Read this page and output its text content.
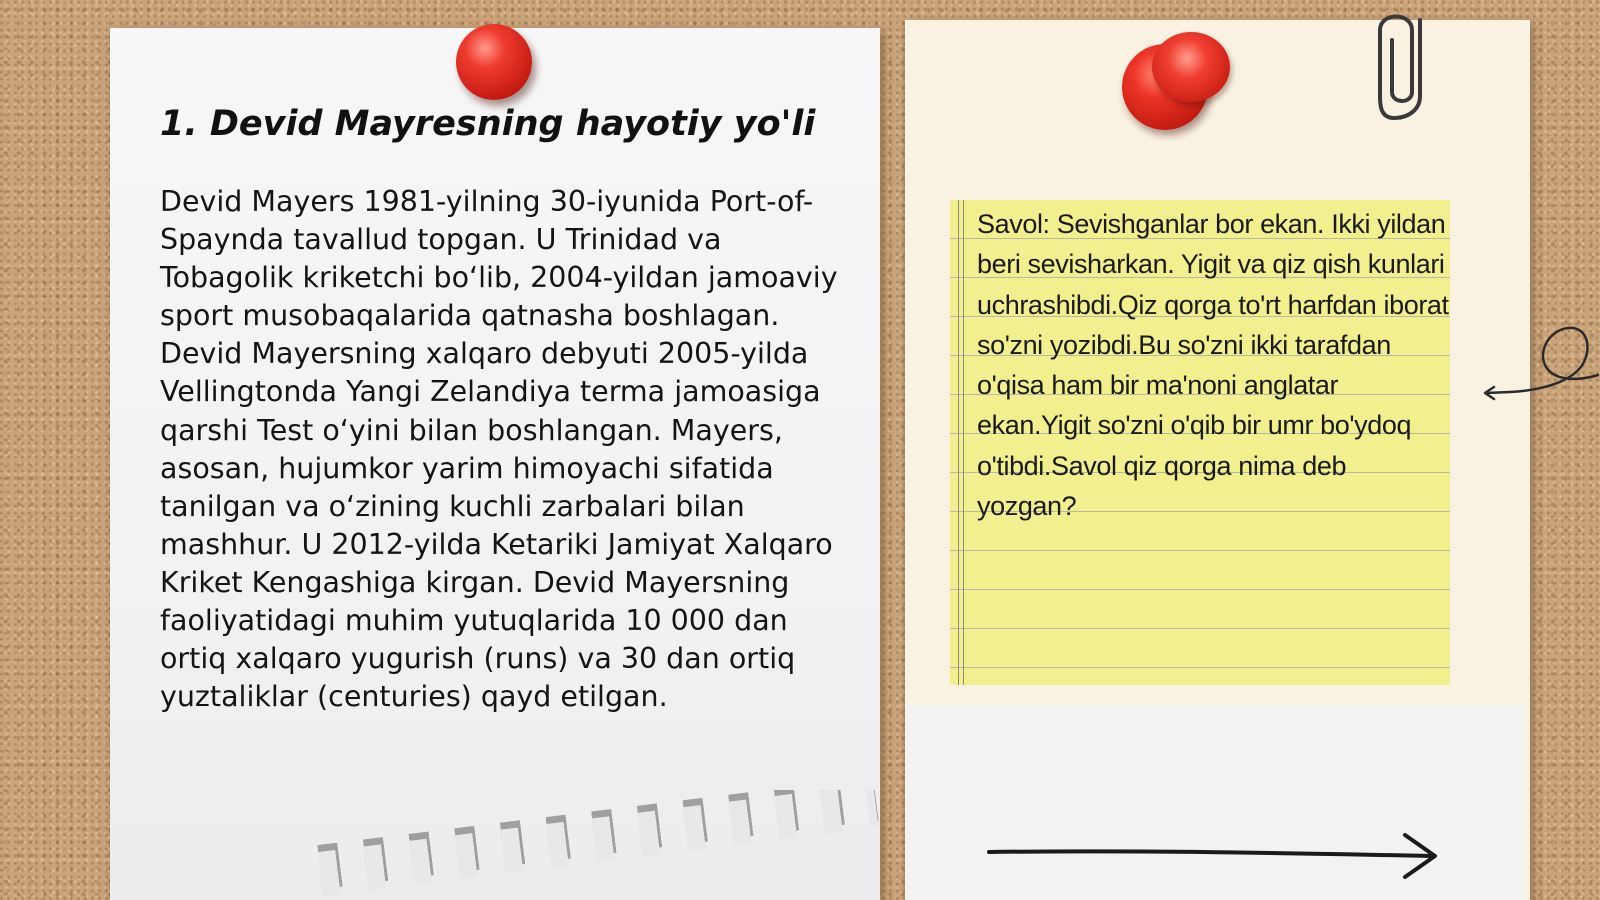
1. Devid Mayresning hayotiy yo'li

Devid Mayers 1981-yilning 30-iyunida Port-of-Spaynda tavallud topgan. U Trinidad va Tobagolik kriketchi bo‘lib, 2004-yildan jamoaviy sport musobaqalarida qatnasha boshlagan. Devid Mayersning xalqaro debyuti 2005-yilda Vellingtonda Yangi Zelandiya terma jamoasiga qarshi Test o‘yini bilan boshlangan. Mayers, asosan, hujumkor yarim himoyachi sifatida tanilgan va o‘zining kuchli zarbalari bilan mashhur. U 2012-yilda Ketariki Jamiyat Xalqaro Kriket Kengashiga kirgan. Devid Mayersning faoliyatidagi muhim yutuqlarida 10 000 dan ortiq xalqaro yugurish (runs) va 30 dan ortiq yuztaliklar (centuries) qayd etilgan.

Savol: Sevishganlar bor ekan. Ikki yildan beri sevisharkan. Yigit va qiz qish kunlari uchrashibdi.Qiz qorga to'rt harfdan iborat so'zni yozibdi.Bu so'zni ikki tarafdan o'qisa ham bir ma'noni anglatar ekan.Yigit so'zni o'qib bir umr bo'ydoq o'tibdi.Savol qiz qorga nima deb yozgan?
